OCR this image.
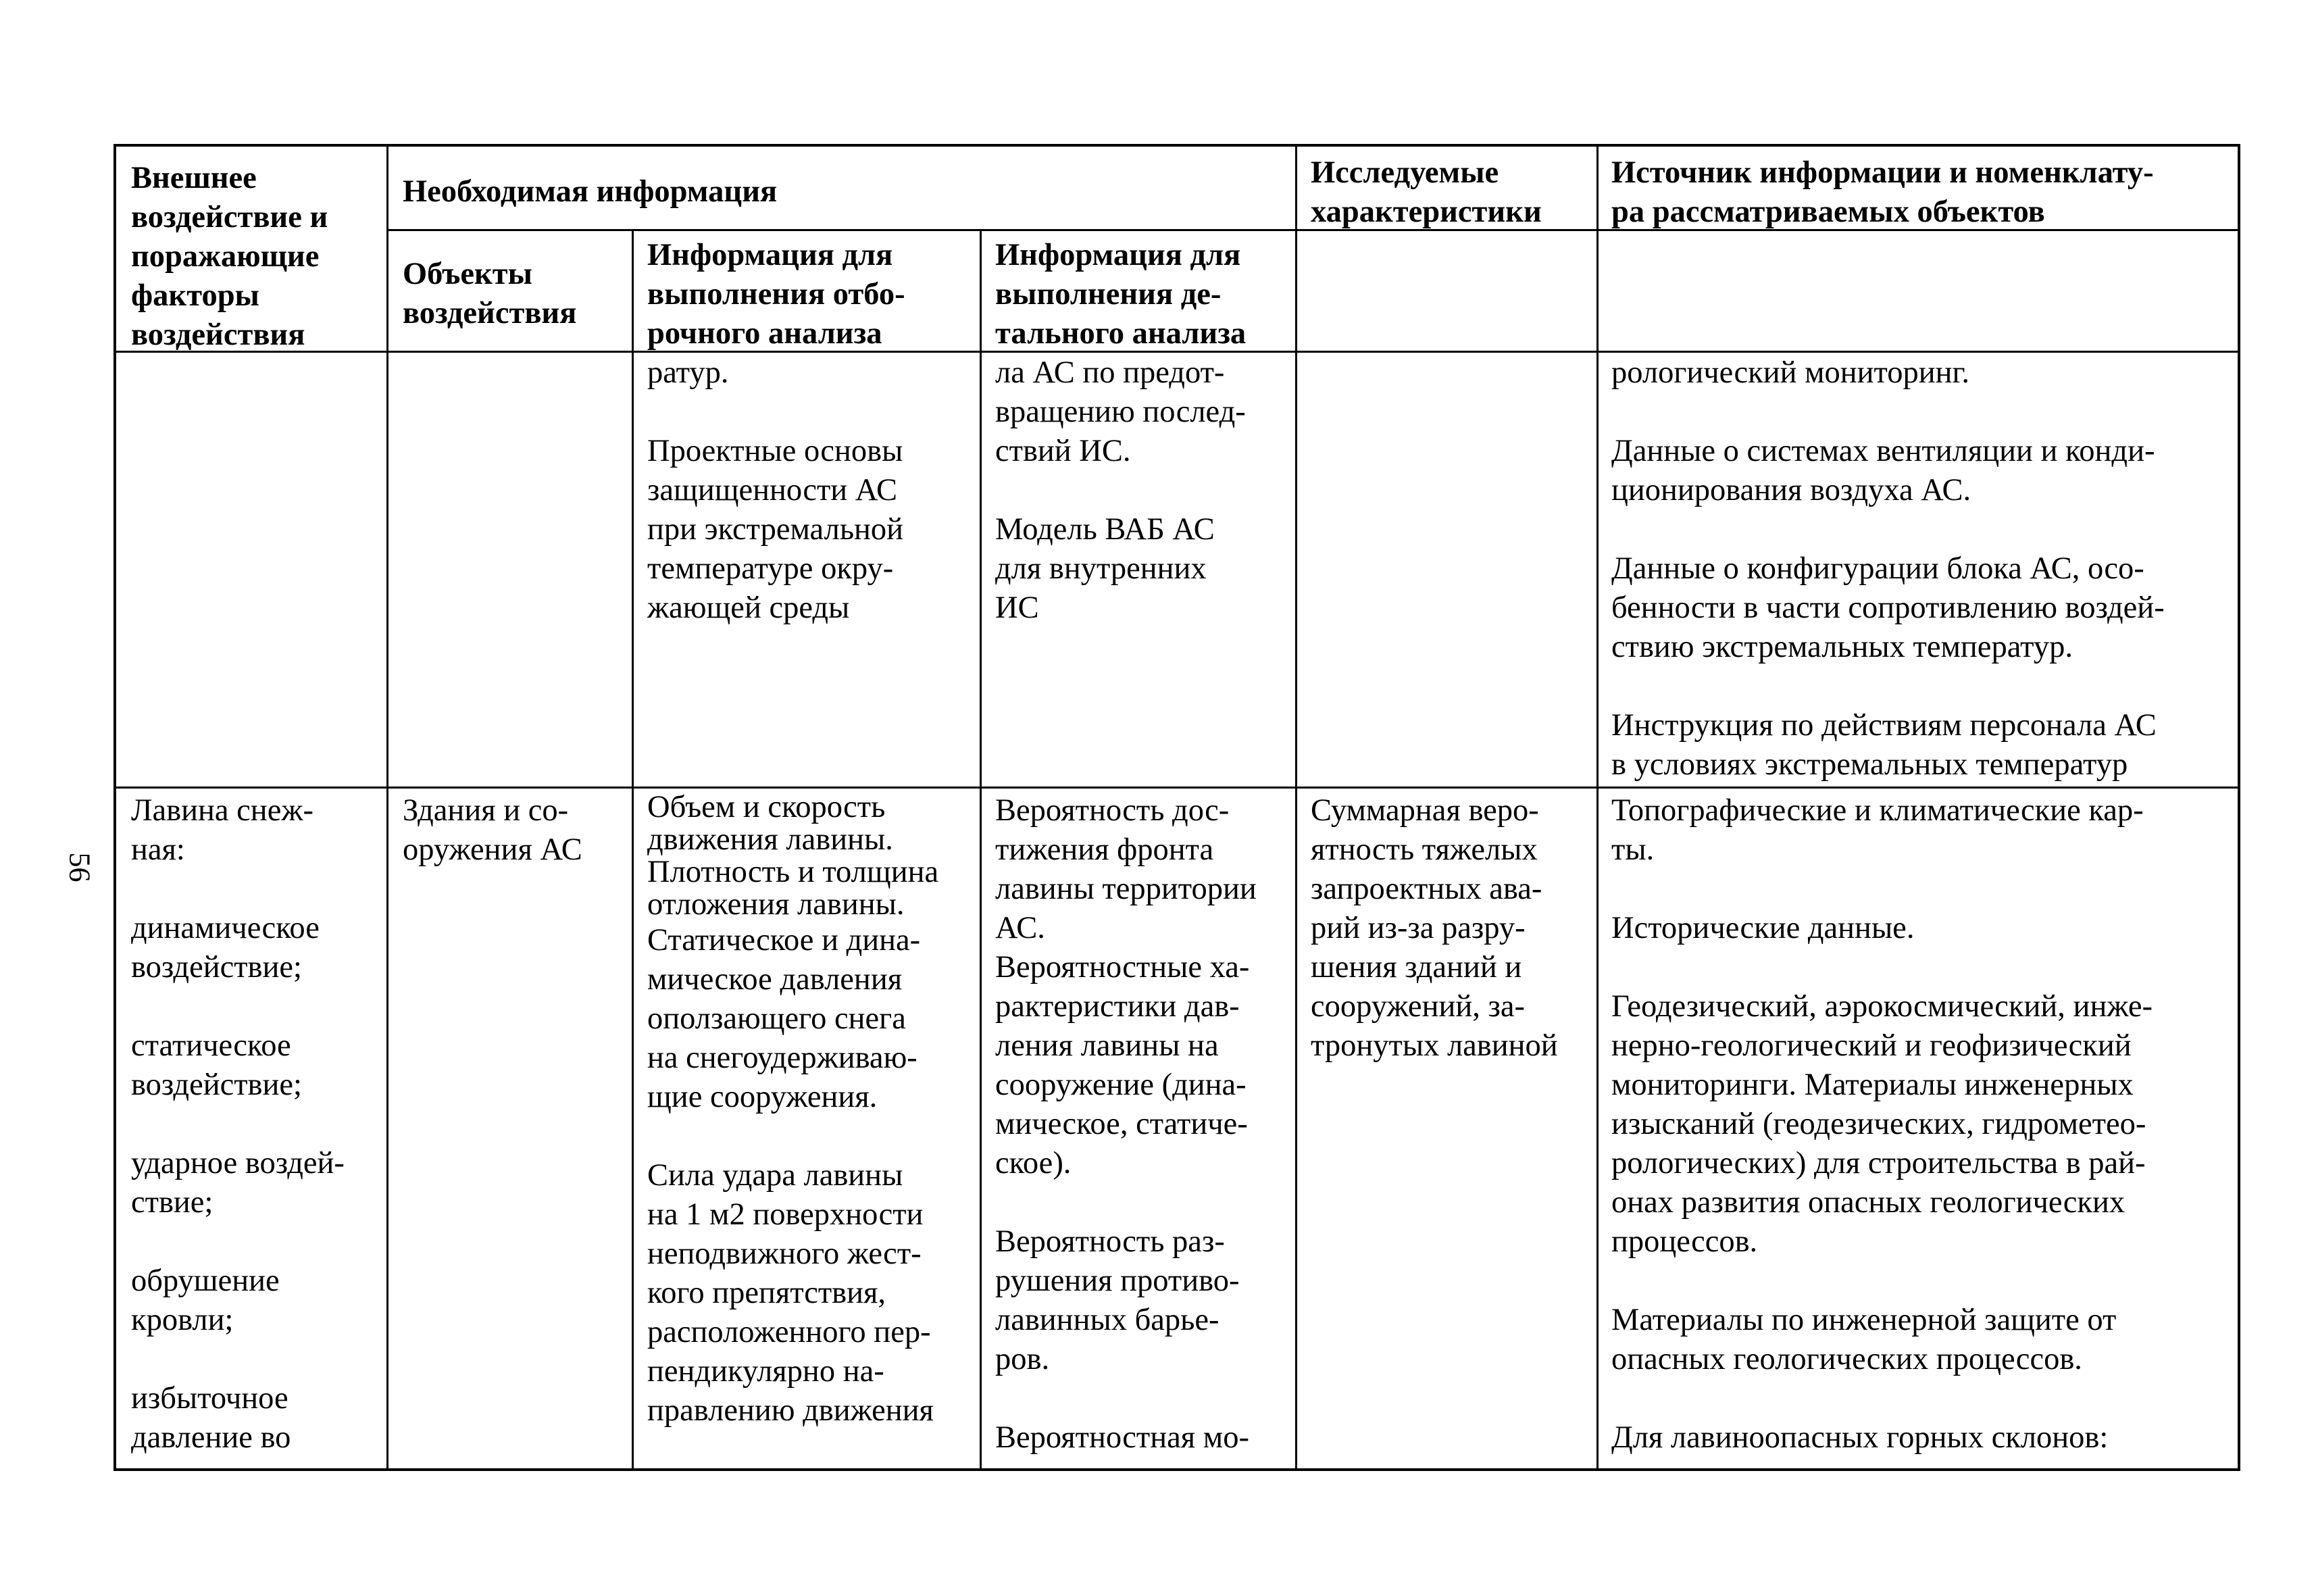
56
Внешнее
воздействие и
поражающие
факторы
воздействия
Необходимая информация
Объекты
воздействия
Информация для
выполнения отбо-
рочного анализа
Информация для
выполнения де-
тального анализа
Исследуемые
характеристики
Источник информации и номенклату-
ра рассматриваемых объектов
ратур.
Проектные основы
защищенности АС
при экстремальной
температуре окру-
жающей среды
ла АС по предот-
вращению послед-
ствий ИС.
Модель ВАБ АС
для внутренних
ИС
рологический мониторинг.
Данные о системах вентиляции и конди-
ционирования воздуха АС.
Данные о конфигурации блока АС, осо-
бенности в части сопротивлению воздей-
ствию экстремальных температур.
Инструкция по действиям персонала АС
в условиях экстремальных температур
Лавина снеж-
ная:
динамическое
воздействие;
статическое
воздействие;
ударное воздей-
ствие;
обрушение
кровли;
избыточное
давление во
Здания и со-
оружения АС
Объем и скорость
движения лавины.
Плотность и толщина
отложения лавины.
Статическое и дина-
мическое давления
оползающего снега
на снегоудерживаю-
щие сооружения.
Сила удара лавины
на 1 м2 поверхности
неподвижного жест-
кого препятствия,
расположенного пер-
пендикулярно на-
правлению движения
Вероятность дос-
тижения фронта
лавины территории
АС.
Вероятностные ха-
рактеристики дав-
ления лавины на
сооружение (дина-
мическое, статиче-
ское).
Вероятность раз-
рушения противо-
лавинных барье-
ров.
Вероятностная мо-
Суммарная веро-
ятность тяжелых
запроектных ава-
рий из-за разру-
шения зданий и
сооружений, за-
тронутых лавиной
Топографические и климатические кар-
ты.
Исторические данные.
Геодезический, аэрокосмический, инже-
нерно-геологический и геофизический
мониторинги. Материалы инженерных
изысканий (геодезических, гидрометео-
рологических) для строительства в рай-
онах развития опасных геологических
процессов.
Материалы по инженерной защите от
опасных геологических процессов.
Для лавиноопасных горных склонов:
